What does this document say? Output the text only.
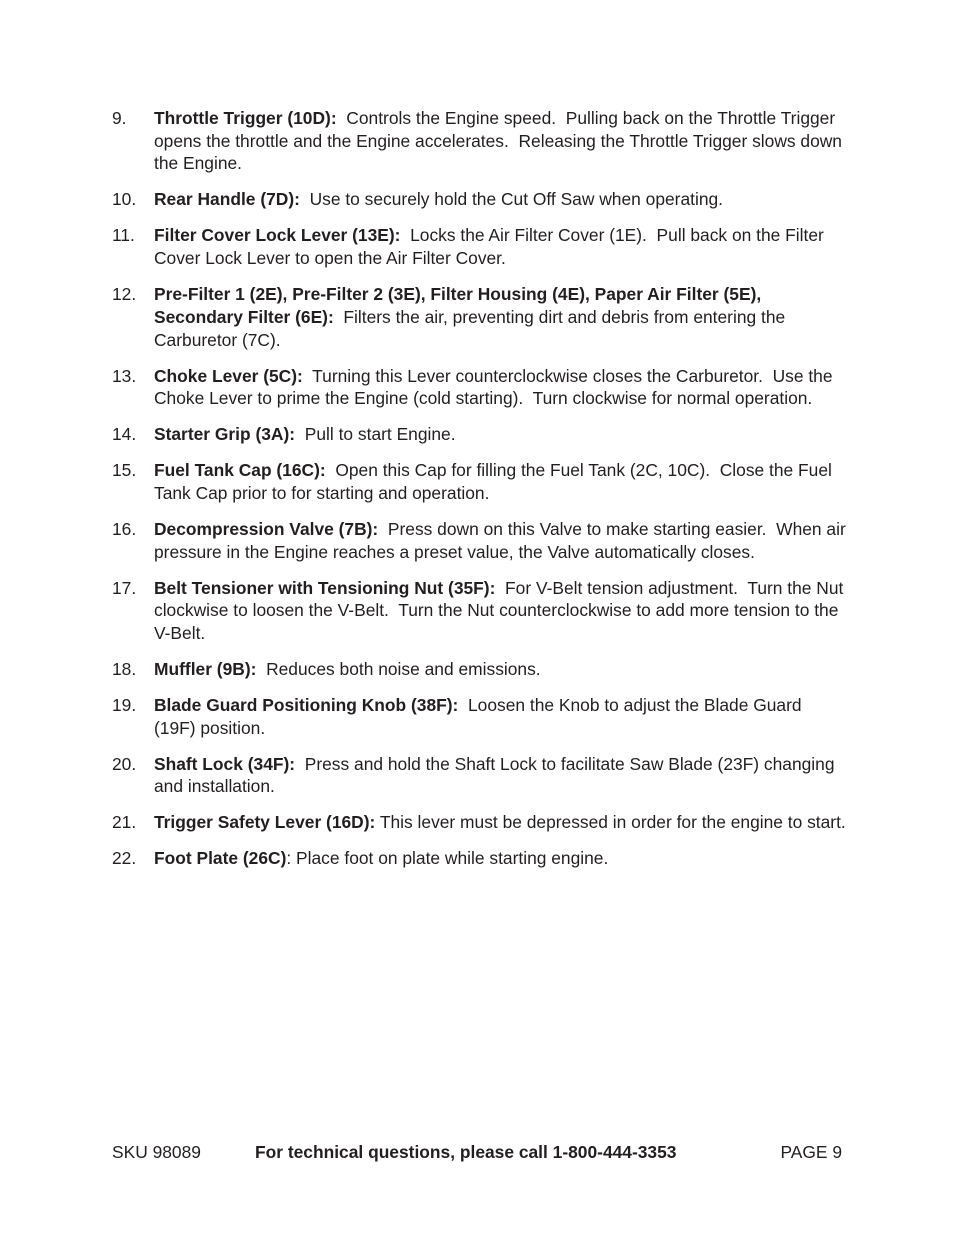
9.	Throttle Trigger (10D):  Controls the Engine speed.  Pulling back on the Throttle Trigger opens the throttle and the Engine accelerates.  Releasing the Throttle Trigger slows down the Engine.
10.	Rear Handle (7D):  Use to securely hold the Cut Off Saw when operating.
11.	Filter Cover Lock Lever (13E):  Locks the Air Filter Cover (1E).  Pull back on the Filter Cover Lock Lever to open the Air Filter Cover.
12.	Pre-Filter 1 (2E), Pre-Filter 2 (3E), Filter Housing (4E), Paper Air Filter (5E), Secondary Filter (6E):  Filters the air, preventing dirt and debris from entering the Carburetor (7C).
13.	Choke Lever (5C):  Turning this Lever counterclockwise closes the Carburetor.  Use the Choke Lever to prime the Engine (cold starting).  Turn clockwise for normal operation.
14.	Starter Grip (3A):  Pull to start Engine.
15.	Fuel Tank Cap (16C):  Open this Cap for filling the Fuel Tank (2C, 10C).  Close the Fuel Tank Cap prior to for starting and operation.
16.	Decompression Valve (7B):  Press down on this Valve to make starting easier.  When air pressure in the Engine reaches a preset value, the Valve automatically closes.
17.	Belt Tensioner with Tensioning Nut (35F):  For V-Belt tension adjustment.  Turn the Nut clockwise to loosen the V-Belt.  Turn the Nut counterclockwise to add more tension to the V-Belt.
18.	Muffler (9B):  Reduces both noise and emissions.
19.	Blade Guard Positioning Knob (38F):  Loosen the Knob to adjust the Blade Guard (19F) position.
20.	Shaft Lock (34F):  Press and hold the Shaft Lock to facilitate Saw Blade (23F) changing and installation.
21.	Trigger Safety Lever (16D): This lever must be depressed in order for the engine to start.
22.	Foot Plate (26C): Place foot on plate while starting engine.
SKU 98089	For technical questions, please call 1-800-444-3353	PAGE 9
